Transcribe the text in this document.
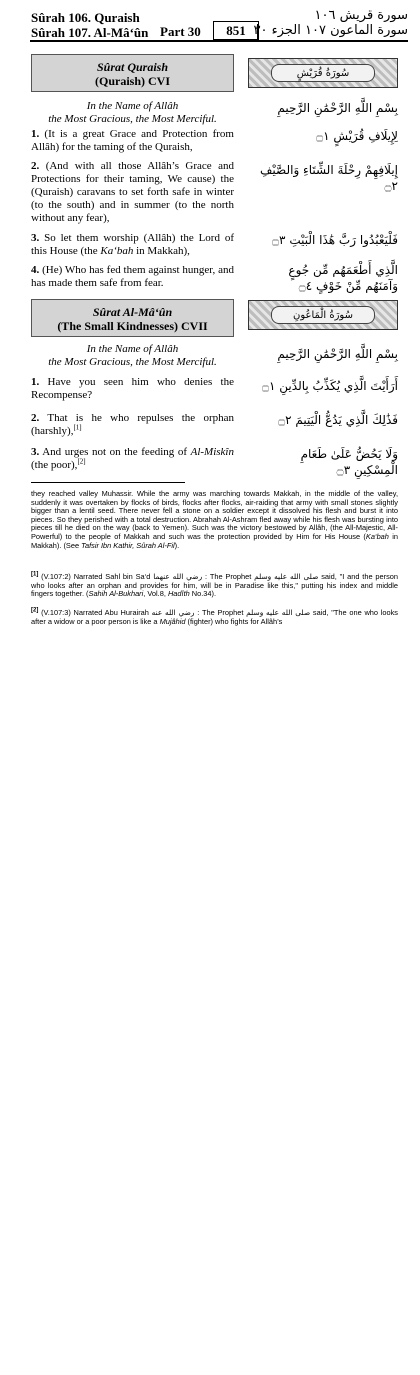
Sûrah 106. Quraish
Sûrah 107. Al-Mâ‘ûn Part 30	851
سورة قريش ١٠٦
سورة الماعون ١٠٧ الجزء ٣٠
Sûrat Quraish
(Quraish) CVI
سُورَةُ قُرَيْشٍ
In the Name of Allâh
the Most Gracious, the Most Merciful.
بِسْمِ اللَّهِ الرَّحْمَٰنِ الرَّحِيمِ
1. (It is a great Grace and Protection from Allâh) for the taming of the Quraish,
لِإِيلَافِ قُرَيْشٍ ۝١
2. (And with all those Allâh’s Grace and Protections for their taming, We cause) the (Quraish) caravans to set forth safe in winter (to the south) and in summer (to the north without any fear),
إِيلَافِهِمْ رِحْلَةَ الشِّتَاءِ وَالصَّيْفِ ۝٢
3. So let them worship (Allâh) the Lord of this House (the Ka‘bah in Makkah),
فَلْيَعْبُدُوا رَبَّ هَٰذَا الْبَيْتِ ۝٣
4. (He) Who has fed them against hunger, and has made them safe from fear.
الَّذِي أَطْعَمَهُم مِّن جُوعٍ وَآمَنَهُم مِّنْ خَوْفٍ ۝٤
Sûrat Al-Mâ‘ûn
(The Small Kindnesses) CVII
سُورَةُ الْمَاعُونِ
In the Name of Allâh
the Most Gracious, the Most Merciful.
بِسْمِ اللَّهِ الرَّحْمَٰنِ الرَّحِيمِ
1. Have you seen him who denies the Recompense?
أَرَأَيْتَ الَّذِي يُكَذِّبُ بِالدِّينِ ۝١
2. That is he who repulses the orphan (harshly),[1]
فَذَٰلِكَ الَّذِي يَدُعُّ الْيَتِيمَ ۝٢
3. And urges not on the feeding of Al-Miskîn (the poor),[2]
وَلَا يَحُضُّ عَلَىٰ طَعَامِ الْمِسْكِينِ ۝٣
they reached valley Muhassir. While the army was marching towards Makkah, in the middle of the valley, suddenly it was overtaken by flocks of birds, flocks after flocks, air-raiding that army with small stones slightly bigger than a lentil seed. There never fell a stone on a soldier except it dissolved his flesh and burst it into pieces. So they perished with a total destruction. Abrahah Al-Ashram fled away while his flesh was bursting into pieces till he died on the way (back to Yemen). Such was the victory bestowed by Allâh, (the All-Majestic, All-Powerful) to the people of Makkah and such was the protection provided by Him for His House (Ka‘bah in Makkah). (See Tafsir Ibn Kathir, Sûrah Al-Fil).
[1] (V.107:2) Narrated Sahl bin Sa‘d رضي الله عنهما : The Prophet صلى الله عليه وسلم said, "I and the person who looks after an orphan and provides for him, will be in Paradise like this," putting his index and middle fingers together. (Sahih Al-Bukhari, Vol.8, Hadîth No.34).
[2] (V.107:3) Narrated Abu Hurairah رضي الله عنه : The Prophet صلى الله عليه وسلم said, "The one who looks after a widow or a poor person is like a Mujâhid (fighter) who fights for Allâh’s
